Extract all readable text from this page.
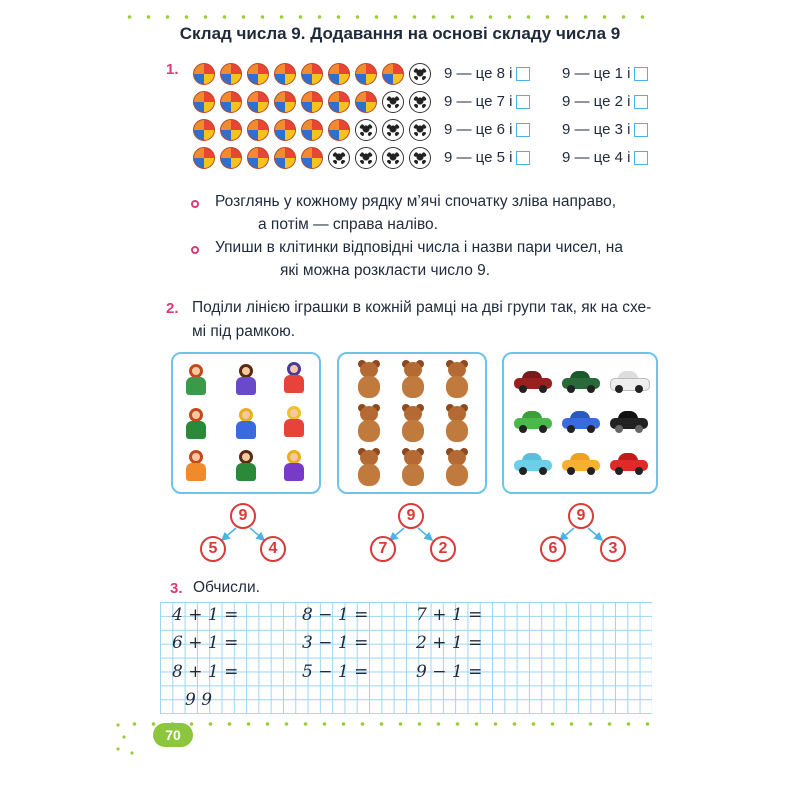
Склад числа 9. Додавання на основі складу числа 9
1.	9 — це 8 і	9 — це 1 і
9 — це 7 і	9 — це 2 і
9 — це 6 і	9 — це 3 і
9 — це 5 і	9 — це 4 і
Розглянь у кожному рядку м’ячі спочатку зліва направо,
а потім — справа наліво.
Упиши в клітинки відповідні числа і назви пари чисел, на
які можна розкласти число 9.
2. Поділи лінією іграшки в кожній рамці на дві групи так, як на схе-
мі під рамкою.
9
5	4
9
7	2
9
6	3
3. Обчисли.
4 + 1 =	8 − 1 =	7 + 1 =
6 + 1 =	3 − 1 =	2 + 1 =
8 + 1 =	5 − 1 =	9 − 1 =
9 9
70
